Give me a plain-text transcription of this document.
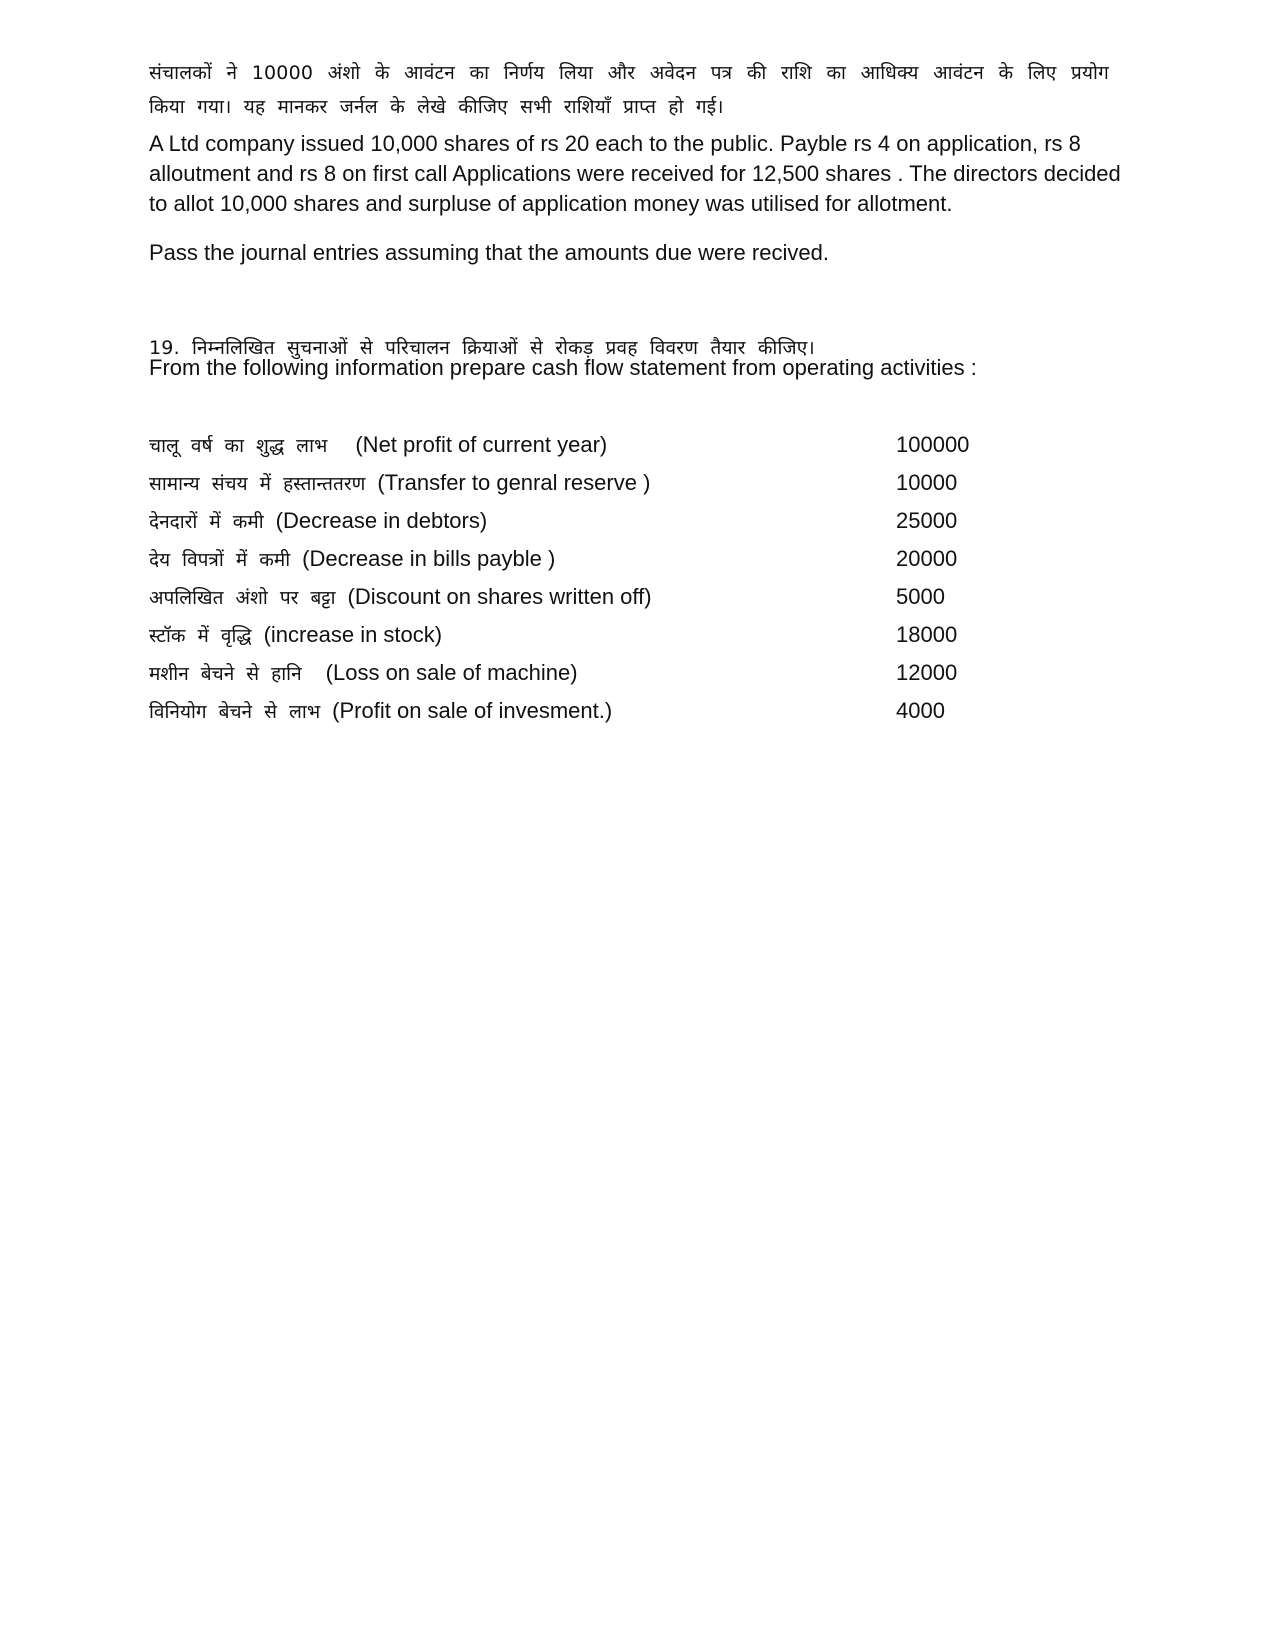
संचालकों ने 10000 अंशो के आवंटन का निर्णय लिया और अवेदन पत्र की राशि का आधिक्य आवंटन के लिए प्रयोग किया गया। यह मानकर जर्नल के लेखे कीजिए सभी राशियाँ प्राप्त हो गई।
A Ltd company issued 10,000 shares of rs 20 each to the public. Payble rs 4 on application, rs 8 alloutment and rs 8 on first call Applications were received for 12,500 shares . The directors decided to allot 10,000 shares and surpluse of application money was utilised for allotment.
Pass the journal entries assuming that the amounts due were recived.
19. निम्नलिखित सुचनाओं से परिचालन क्रियाओं से रोकड़ प्रवह विवरण तैयार कीजिए।
From the following information prepare cash flow statement from operating activities :
चालू वर्ष का शुद्ध लाभ (Net profit of current year)	100000
सामान्य संचय में हस्तान्ततरण (Transfer to genral reserve )	10000
देनदारों में कमी (Decrease in debtors)	25000
देय विपत्रों में कमी (Decrease in bills payble )	20000
अपलिखित अंशो पर बट्टा (Discount on shares written off)	5000
स्टॉक में वृद्धि (increase in stock)	18000
मशीन बेचने से हानि (Loss on sale of machine)	12000
विनियोग बेचने से लाभ (Profit on sale of invesment.)	4000
